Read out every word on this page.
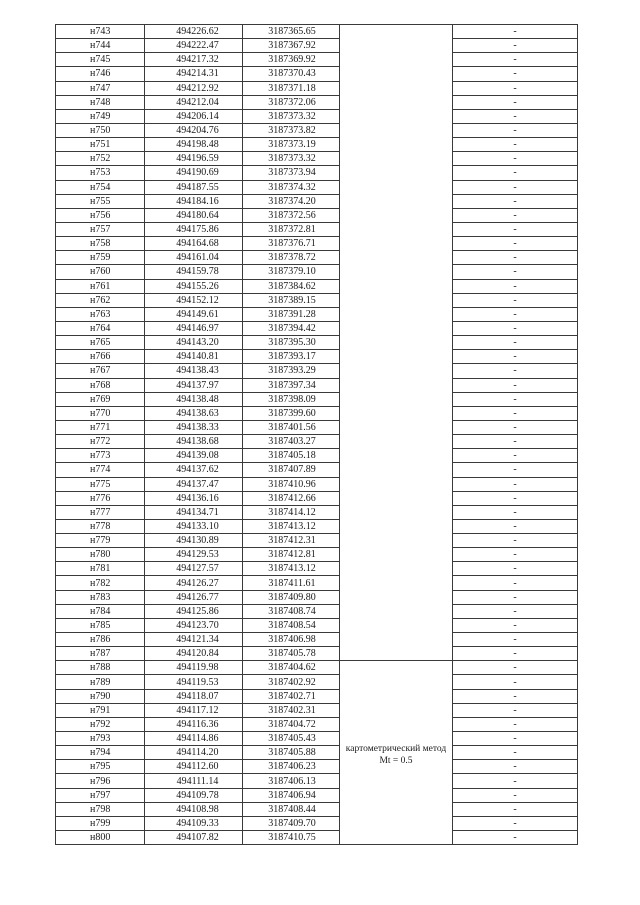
н743	494226.62	3187365.65		-
н744	494222.47	3187367.92		-
н745	494217.32	3187369.92		-
н746	494214.31	3187370.43		-
н747	494212.92	3187371.18		-
н748	494212.04	3187372.06		-
н749	494206.14	3187373.32		-
н750	494204.76	3187373.82		-
н751	494198.48	3187373.19		-
н752	494196.59	3187373.32		-
н753	494190.69	3187373.94		-
н754	494187.55	3187374.32		-
н755	494184.16	3187374.20		-
н756	494180.64	3187372.56		-
н757	494175.86	3187372.81		-
н758	494164.68	3187376.71		-
н759	494161.04	3187378.72		-
н760	494159.78	3187379.10		-
н761	494155.26	3187384.62		-
н762	494152.12	3187389.15		-
н763	494149.61	3187391.28		-
н764	494146.97	3187394.42		-
н765	494143.20	3187395.30		-
н766	494140.81	3187393.17		-
н767	494138.43	3187393.29		-
н768	494137.97	3187397.34		-
н769	494138.48	3187398.09		-
н770	494138.63	3187399.60		-
н771	494138.33	3187401.56		-
н772	494138.68	3187403.27		-
н773	494139.08	3187405.18		-
н774	494137.62	3187407.89		-
н775	494137.47	3187410.96		-
н776	494136.16	3187412.66		-
н777	494134.71	3187414.12		-
н778	494133.10	3187413.12		-
н779	494130.89	3187412.31		-
н780	494129.53	3187412.81		-
н781	494127.57	3187413.12		-
н782	494126.27	3187411.61		-
н783	494126.77	3187409.80		-
н784	494125.86	3187408.74		-
н785	494123.70	3187408.54		-
н786	494121.34	3187406.98		-
н787	494120.84	3187405.78		-
н788	494119.98	3187404.62	картометрический метод Mt = 0.5	-
н789	494119.53	3187402.92		-
н790	494118.07	3187402.71		-
н791	494117.12	3187402.31		-
н792	494116.36	3187404.72		-
н793	494114.86	3187405.43		-
н794	494114.20	3187405.88		-
н795	494112.60	3187406.23		-
н796	494111.14	3187406.13		-
н797	494109.78	3187406.94		-
н798	494108.98	3187408.44		-
н799	494109.33	3187409.70		-
н800	494107.82	3187410.75		-
